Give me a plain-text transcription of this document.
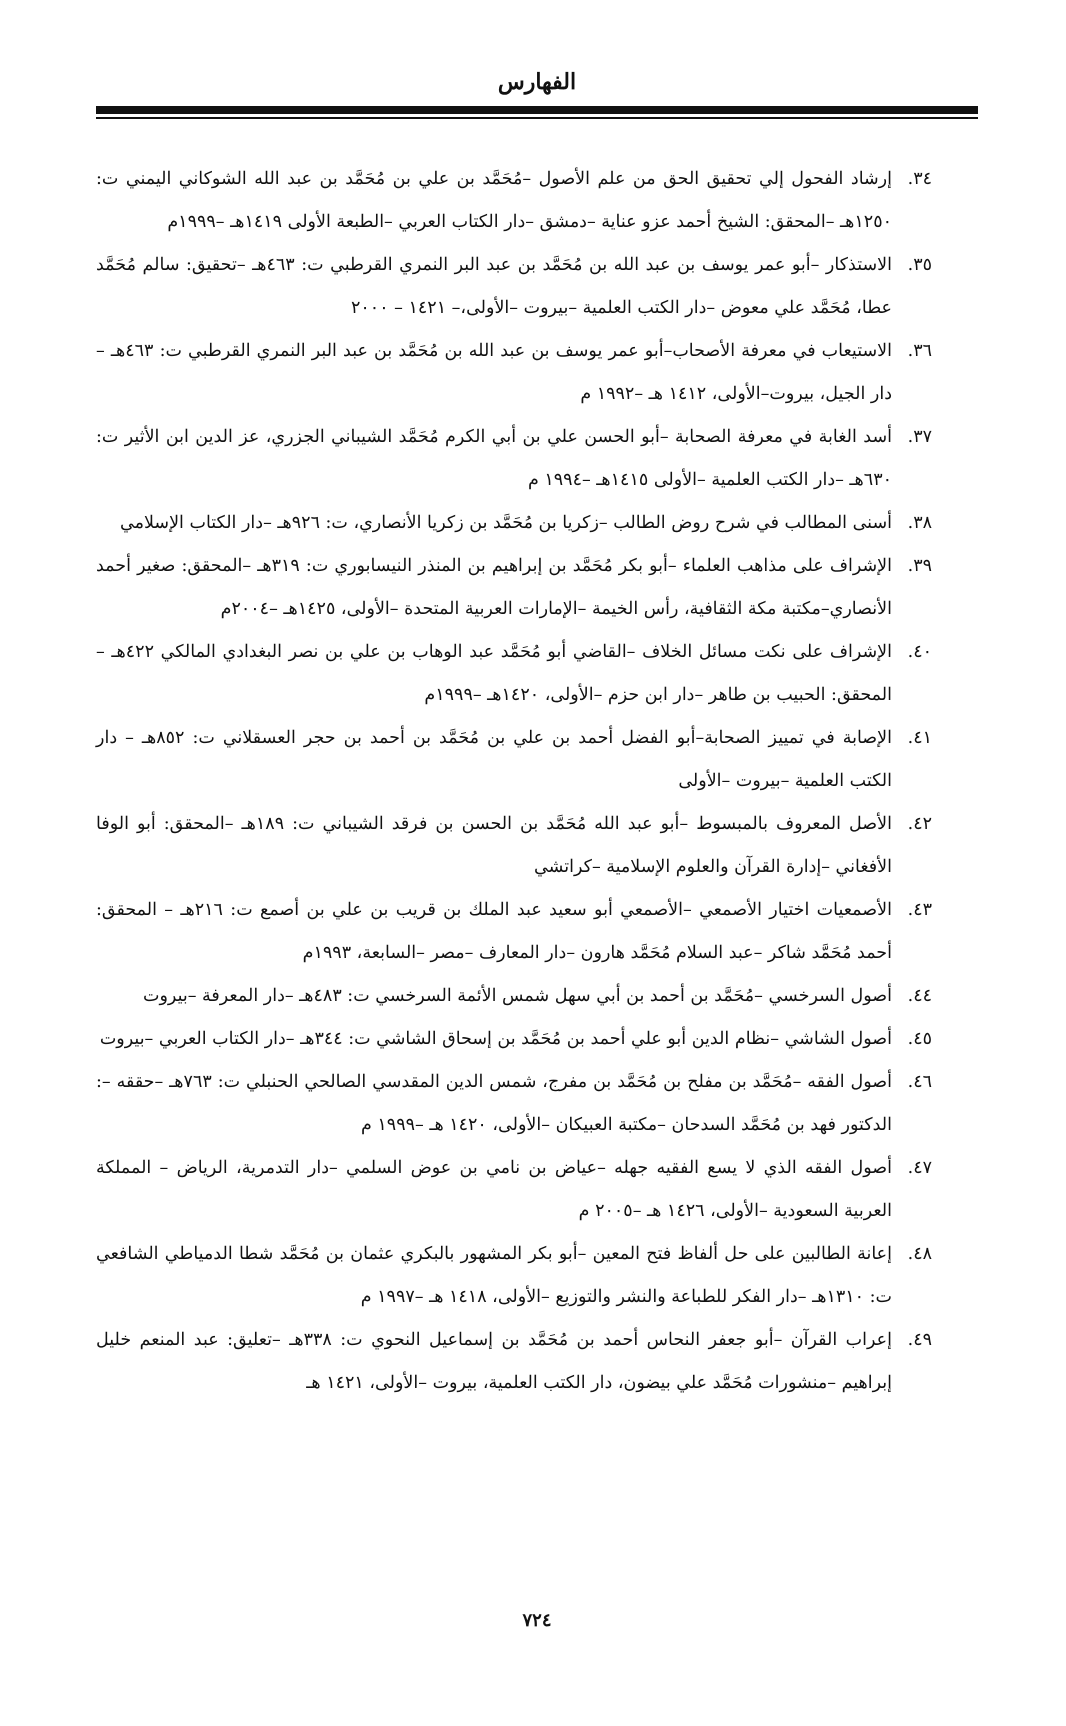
الفهارس

٣٤.
إرشاد الفحول إلي تحقيق الحق من علم الأصول –مُحَمَّد بن علي بن مُحَمَّد بن عبد الله الشوكاني اليمني ت: ١٢٥٠هـ –المحقق: الشيخ أحمد عزو عناية –دمشق –دار الكتاب العربي –الطبعة الأولى ١٤١٩هـ –١٩٩٩م

٣٥.
الاستذكار –أبو عمر يوسف بن عبد الله بن مُحَمَّد بن عبد البر النمري القرطبي ت: ٤٦٣هـ –تحقيق: سالم مُحَمَّد عطا، مُحَمَّد علي معوض –دار الكتب العلمية –بيروت –الأولى،– ١٤٢١ – ٢٠٠٠

٣٦.
الاستيعاب في معرفة الأصحاب–أبو عمر يوسف بن عبد الله بن مُحَمَّد بن عبد البر النمري القرطبي ت: ٤٦٣هـ –دار الجيل، بيروت–الأولى، ١٤١٢ هـ –١٩٩٢ م

٣٧.
أسد الغابة في معرفة الصحابة –أبو الحسن علي بن أبي الكرم مُحَمَّد الشيباني الجزري، عز الدين ابن الأثير ت: ٦٣٠هـ –دار الكتب العلمية –الأولى ١٤١٥هـ –١٩٩٤ م

٣٨.
أسنى المطالب في شرح روض الطالب –زكريا بن مُحَمَّد بن زكريا الأنصاري، ت: ٩٢٦هـ –دار الكتاب الإسلامي

٣٩.
الإشراف على مذاهب العلماء –أبو بكر مُحَمَّد بن إبراهيم بن المنذر النيسابوري ت: ٣١٩هـ –المحقق: صغير أحمد الأنصاري–مكتبة مكة الثقافية، رأس الخيمة –الإمارات العربية المتحدة –الأولى، ١٤٢٥هـ –٢٠٠٤م

٤٠.
الإشراف على نكت مسائل الخلاف –القاضي أبو مُحَمَّد عبد الوهاب بن علي بن نصر البغدادي المالكي ٤٢٢هـ –المحقق: الحبيب بن طاهر –دار ابن حزم –الأولى، ١٤٢٠هـ –١٩٩٩م

٤١.
الإصابة في تمييز الصحابة–أبو الفضل أحمد بن علي بن مُحَمَّد بن أحمد بن حجر العسقلاني ت: ٨٥٢هـ – دار الكتب العلمية –بيروت –الأولى

٤٢.
الأصل المعروف بالمبسوط –أبو عبد الله مُحَمَّد بن الحسن بن فرقد الشيباني ت: ١٨٩هـ –المحقق: أبو الوفا الأفغاني –إدارة القرآن والعلوم الإسلامية –كراتشي

٤٣.
الأصمعيات اختيار الأصمعي –الأصمعي أبو سعيد عبد الملك بن قريب بن علي بن أصمع ت: ٢١٦هـ – المحقق: أحمد مُحَمَّد شاكر –عبد السلام مُحَمَّد هارون –دار المعارف –مصر –السابعة، ١٩٩٣م

٤٤.
أصول السرخسي –مُحَمَّد بن أحمد بن أبي سهل شمس الأئمة السرخسي ت: ٤٨٣هـ –دار المعرفة –بيروت

٤٥.
أصول الشاشي –نظام الدين أبو علي أحمد بن مُحَمَّد بن إسحاق الشاشي ت: ٣٤٤هـ –دار الكتاب العربي –بيروت

٤٦.
أصول الفقه –مُحَمَّد بن مفلح بن مُحَمَّد بن مفرج، شمس الدين المقدسي الصالحي الحنبلي ت: ٧٦٣هـ –حققه –: الدكتور فهد بن مُحَمَّد السدحان –مكتبة العبيكان –الأولى، ١٤٢٠ هـ –١٩٩٩ م

٤٧.
أصول الفقه الذي لا يسع الفقيه جهله –عياض بن نامي بن عوض السلمي –دار التدمرية، الرياض – المملكة العربية السعودية –الأولى، ١٤٢٦ هـ –٢٠٠٥ م

٤٨.
إعانة الطالبين على حل ألفاظ فتح المعين –أبو بكر المشهور بالبكري عثمان بن مُحَمَّد شطا الدمياطي الشافعي ت: ١٣١٠هـ –دار الفكر للطباعة والنشر والتوزيع –الأولى، ١٤١٨ هـ –١٩٩٧ م

٤٩.
إعراب القرآن –أبو جعفر النحاس أحمد بن مُحَمَّد بن إسماعيل النحوي ت: ٣٣٨هـ –تعليق: عبد المنعم خليل إبراهيم –منشورات مُحَمَّد علي بيضون، دار الكتب العلمية، بيروت –الأولى، ١٤٢١ هـ

٧٢٤
